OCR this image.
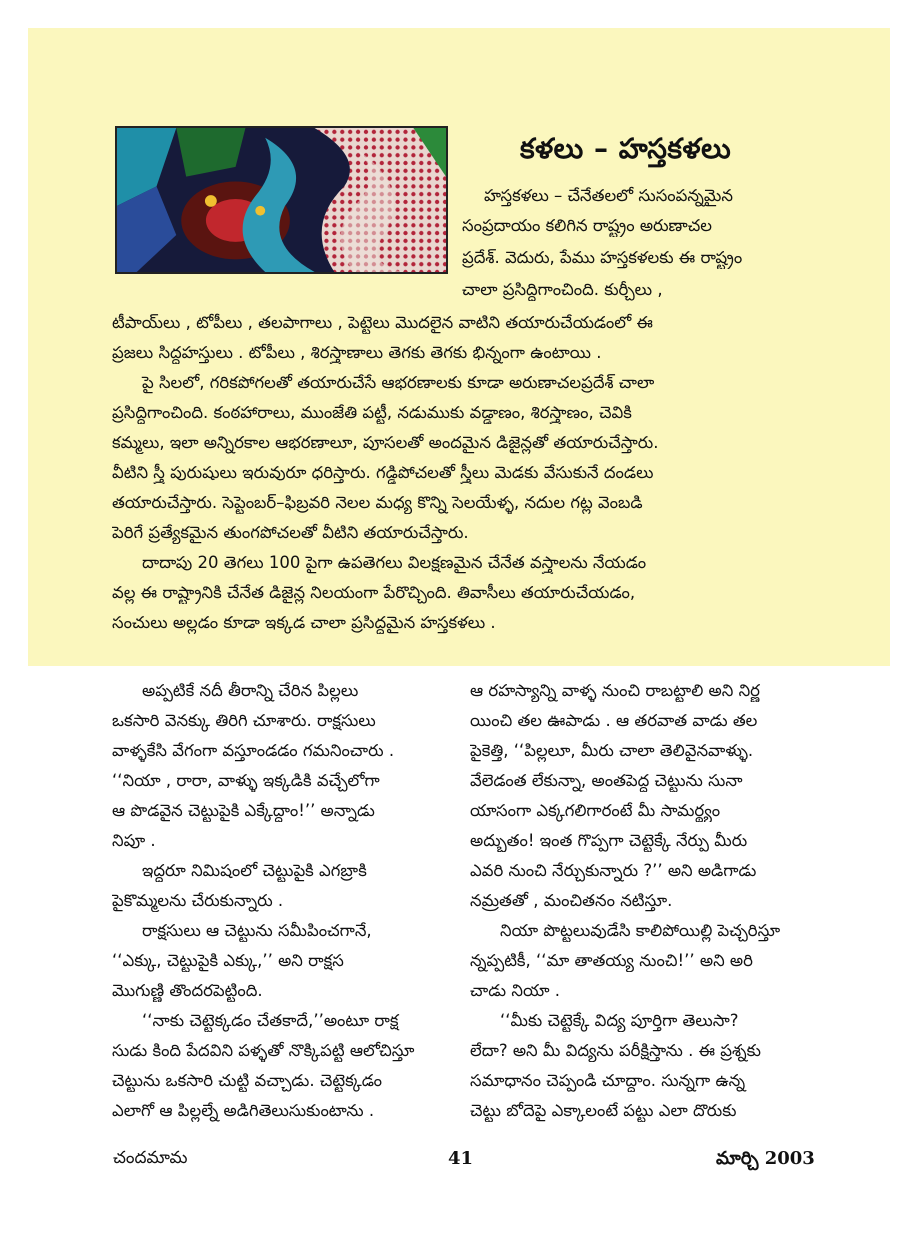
కళలు – హస్తకళలు
హస్తకళలు – చేనేతలలో సుసంపన్నమైన
సంప్రదాయం కలిగిన రాష్ట్రం అరుణాచల
ప్రదేశ్. వెదురు, పేము హస్తకళలకు ఈ రాష్ట్రం
చాలా ప్రసిద్ధిగాంచింది. కుర్చీలు ,
టీపాయ్‌లు , టోపీలు , తలపాగాలు , పెట్టెలు మొదలైన వాటిని తయారుచేయడంలో ఈ
ప్రజలు సిద్ధహస్తులు . టోపీలు , శిరస్త్రాణాలు తెగకు తెగకు భిన్నంగా ఉంటాయి .
పై సిలలో, గరికపోగలతో తయారుచేసే ఆభరణాలకు కూడా అరుణాచలప్రదేశ్ చాలా
ప్రసిద్ధిగాంచింది. కంఠహారాలు, ముంజేతి పట్టీ, నడుముకు వడ్డాణం, శిరస్త్రాణం, చెవికి
కమ్మలు, ఇలా అన్నిరకాల ఆభరణాలూ, పూసలతో అందమైన డిజైన్లతో తయారుచేస్తారు.
వీటిని స్త్రీ పురుషులు ఇరువురూ ధరిస్తారు. గడ్డిపోచలతో స్త్రీలు మెడకు వేసుకునే దండలు
తయారుచేస్తారు. సెప్టెంబర్–ఫిబ్రవరి నెలల మధ్య కొన్ని సెలయేళ్ళ, నదుల గట్ల వెంబడి
పెరిగే ప్రత్యేకమైన తుంగపోచలతో వీటిని తయారుచేస్తారు.
దాదాపు 20 తెగలు 100 పైగా ఉపతెగలు విలక్షణమైన చేనేత వస్త్రాలను నేయడం
వల్ల ఈ రాష్ట్రానికి చేనేత డిజైన్ల నిలయంగా పేరొచ్చింది. తివాసీలు తయారుచేయడం,
సంచులు అల్లడం కూడా ఇక్కడ చాలా ప్రసిద్ధమైన హస్తకళలు .
అప్పటికే నదీ తీరాన్ని చేరిన పిల్లలు
ఒకసారి వెనక్కు తిరిగి చూశారు. రాక్షసులు
వాళ్ళకేసి వేగంగా వస్తూండడం గమనించారు .
‘‘నియా , రారా, వాళ్ళు ఇక్కడికి వచ్చేలోగా
ఆ పొడవైన చెట్టుపైకి ఎక్కేద్దాం!’’ అన్నాడు
నిపూ .
ఇద్దరూ నిమిషంలో చెట్టుపైకి ఎగబ్రాకి
పైకొమ్మలను చేరుకున్నారు .
రాక్షసులు ఆ చెట్టును సమీపించగానే,
‘‘ఎక్కు, చెట్టుపైకి ఎక్కు,’’ అని రాక్షస
మొగుణ్ణి తొందరపెట్టింది.
‘‘నాకు చెట్టెక్కడం చేతకాదే,’’అంటూ రాక్ష
సుడు కింది పేదవిని పళ్ళతో నొక్కిపట్టి ఆలోచిస్తూ
చెట్టును ఒకసారి చుట్టి వచ్చాడు. చెట్టెక్కడం
ఎలాగో ఆ పిల్లల్నే అడిగితెలుసుకుంటాను .
ఆ రహస్యాన్ని వాళ్ళ నుంచి రాబట్టాలి అని నిర్ణ
యించి తల ఊపాడు . ఆ తరవాత వాడు తల
పైకెత్తి, ‘‘పిల్లలూ, మీరు చాలా తెలివైనవాళ్ళు.
వేలెడంత లేకున్నా, అంతపెద్ద చెట్టును సునా
యాసంగా ఎక్కగలిగారంటే మీ సామర్థ్యం
అద్భుతం! ఇంత గొప్పగా చెట్టెక్కే నేర్పు మీరు
ఎవరి నుంచి నేర్చుకున్నారు ?’’ అని అడిగాడు
నమ్రతతో , మంచితనం నటిస్తూ.
నియా పొట్టలువుడేసి కాలిపోయిల్లి పెచ్చరిస్తూ
న్నప్పటికీ, ‘‘మా తాతయ్య నుంచి!’’ అని అరి
చాడు నియా .
‘‘మీకు చెట్టెక్కే విద్య పూర్తిగా తెలుసా?
లేదా? అని మీ విద్యను పరీక్షిస్తాను . ఈ ప్రశ్నకు
సమాధానం చెప్పండి చూద్దాం. సున్నగా ఉన్న
చెట్టు బోదెపై ఎక్కాలంటే పట్టు ఎలా దొరుకు
చందమామ	41	మార్చి 2003
